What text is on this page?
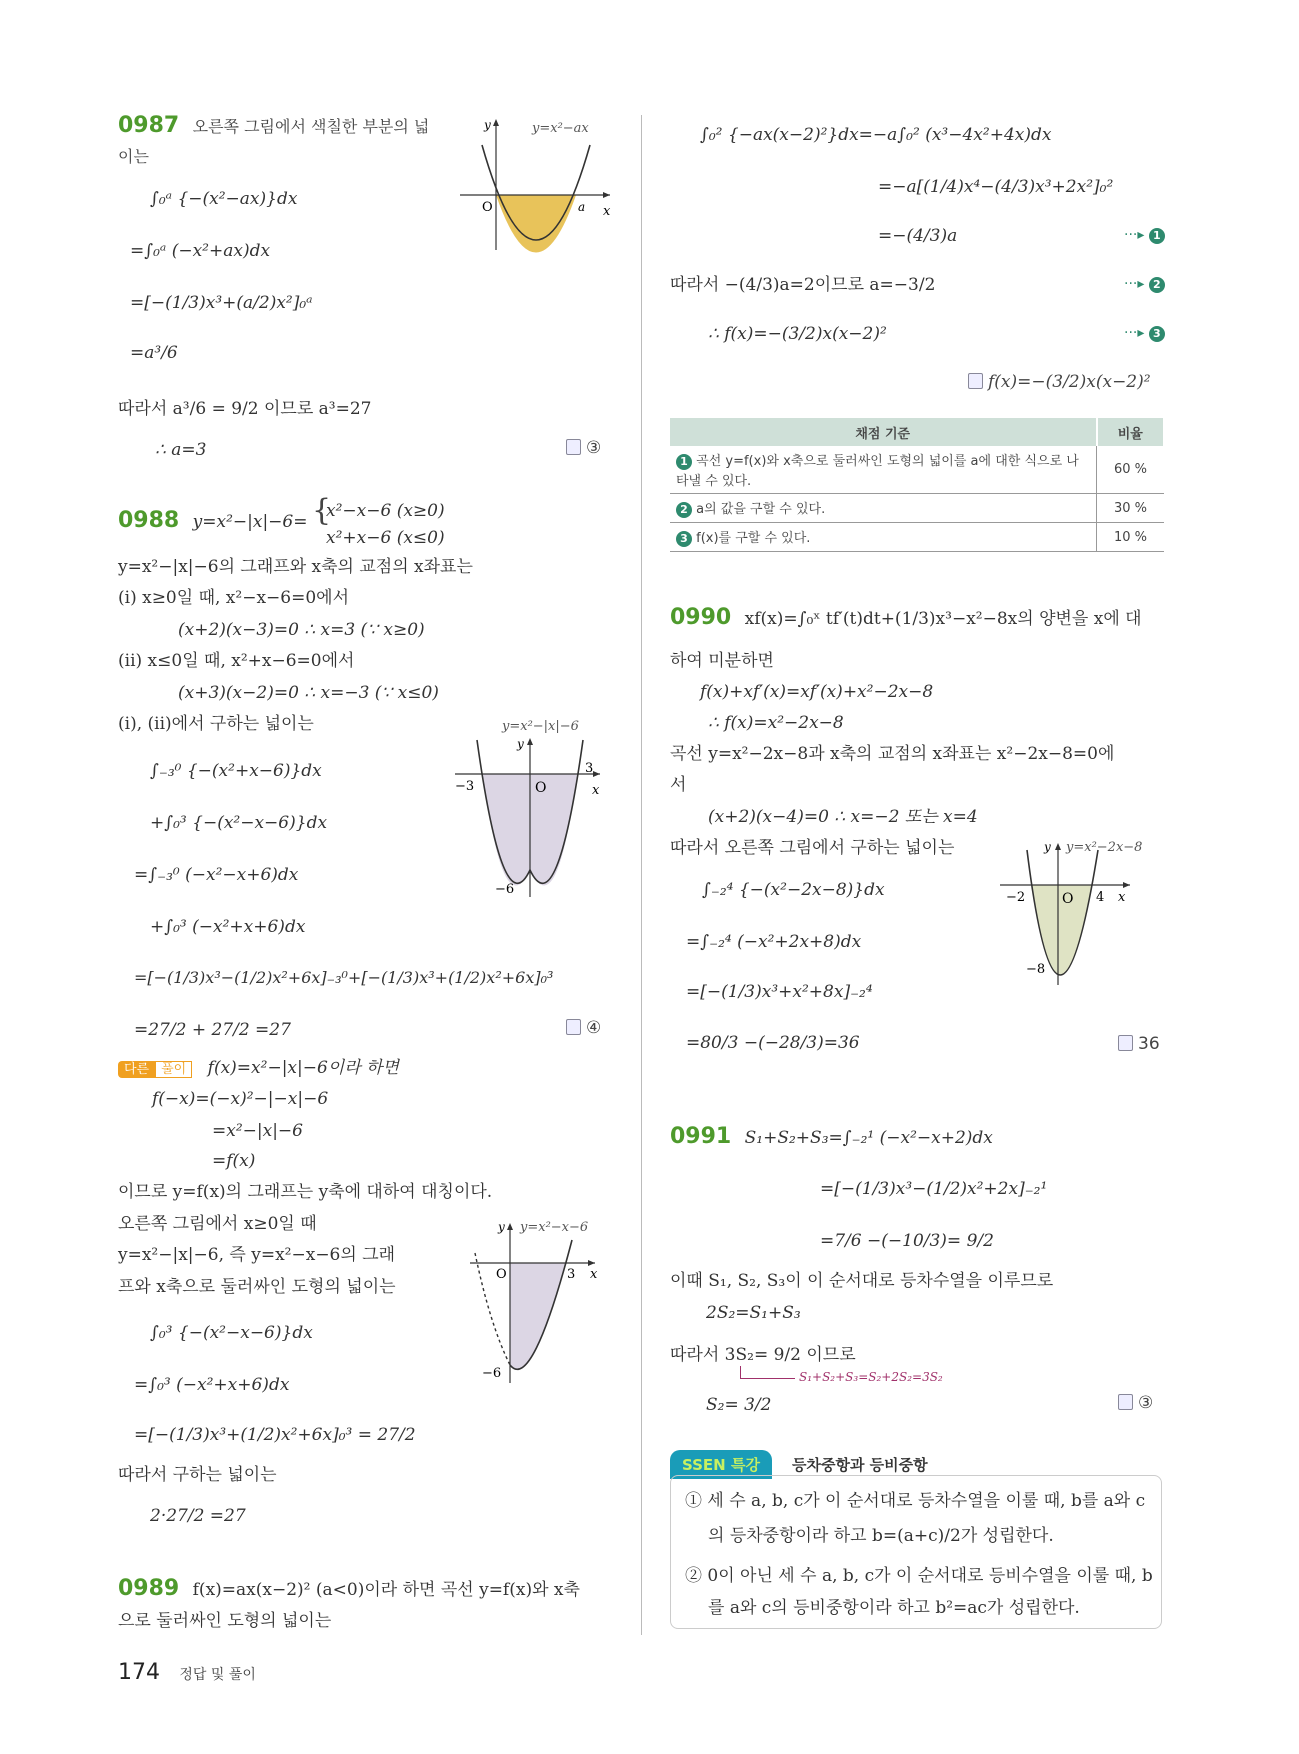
0987 오른쪽 그림에서 색칠한 부분의 넓
이는
∫₀ᵃ {−(x²−ax)}dx
=∫₀ᵃ (−x²+ax)dx
=[−(1/3)x³+(a/2)x²]₀ᵃ
=a³/6
따라서 a³/6 = 9/2 이므로 a³=27
∴ a=3	③
O	a x
y	y=x²−ax
0988 y=x²−|x|−6= {
x²−x−6 (x≥0)
x²+x−6 (x≤0)
y=x²−|x|−6의 그래프와 x축의 교점의 x좌표는
(i) x≥0일 때, x²−x−6=0에서
(x+2)(x−3)=0 ∴ x=3 (∵ x≥0)
(ii) x≤0일 때, x²+x−6=0에서
(x+3)(x−2)=0 ∴ x=−3 (∵ x≤0)
(i), (ii)에서 구하는 넓이는
∫₋₃⁰ {−(x²+x−6)}dx
+∫₀³ {−(x²−x−6)}dx
=∫₋₃⁰ (−x²−x+6)dx
+∫₀³ (−x²+x+6)dx
=[−(1/3)x³−(1/2)x²+6x]₋₃⁰+[−(1/3)x³+(1/2)x²+6x]₀³
=27/2 + 27/2 =27	④
−3	O
3
x
y
−6
y=x²−|x|−6
다른 풀이 f(x)=x²−|x|−6이라 하면
f(−x)=(−x)²−|−x|−6
=x²−|x|−6
=f(x)
이므로 y=f(x)의 그래프는 y축에 대하여 대칭이다.
오른쪽 그림에서 x≥0일 때
y=x²−|x|−6, 즉 y=x²−x−6의 그래
프와 x축으로 둘러싸인 도형의 넓이는
∫₀³ {−(x²−x−6)}dx
=∫₀³ (−x²+x+6)dx
=[−(1/3)x³+(1/2)x²+6x]₀³ = 27/2
따라서 구하는 넓이는
2·27/2 =27
O	3 x
y
−6
y=x²−x−6
0989 f(x)=ax(x−2)² (a<0)이라 하면 곡선 y=f(x)와 x축
으로 둘러싸인 도형의 넓이는
∫₀² {−ax(x−2)²}dx=−a∫₀² (x³−4x²+4x)dx
=−a[(1/4)x⁴−(4/3)x³+2x²]₀²
=−(4/3)a	···▸ 1
따라서 −(4/3)a=2이므로 a=−3/2	···▸ 2
∴ f(x)=−(3/2)x(x−2)²	···▸ 3
f(x)=−(3/2)x(x−2)²
채점 기준	비율
1 곡선 y=f(x)와 x축으로 둘러싸인 도형의 넓이를 a에 대한 식으로 나타낼 수 있다.	60 %
2 a의 값을 구할 수 있다.	30 %
3 f(x)를 구할 수 있다.	10 %
0990 xf(x)=∫₀ˣ tf′(t)dt+(1/3)x³−x²−8x의 양변을 x에 대
하여 미분하면
f(x)+xf′(x)=xf′(x)+x²−2x−8
∴ f(x)=x²−2x−8
곡선 y=x²−2x−8과 x축의 교점의 x좌표는 x²−2x−8=0에
서
(x+2)(x−4)=0 ∴ x=−2 또는 x=4
따라서 오른쪽 그림에서 구하는 넓이는
∫₋₂⁴ {−(x²−2x−8)}dx
=∫₋₂⁴ (−x²+2x+8)dx
=[−(1/3)x³+x²+8x]₋₂⁴
=80/3 −(−28/3)=36	36
−2	O 4 x
y
−8
y=x²−2x−8
0991 S₁+S₂+S₃=∫₋₂¹ (−x²−x+2)dx
=[−(1/3)x³−(1/2)x²+2x]₋₂¹
=7/6 −(−10/3)= 9/2
이때 S₁, S₂, S₃이 이 순서대로 등차수열을 이루므로
2S₂=S₁+S₃
따라서 3S₂= 9/2 이므로
S₁+S₂+S₃=S₂+2S₂=3S₂
S₂= 3/2	③
SSEN 특강	등차중항과 등비중항
① 세 수 a, b, c가 이 순서대로 등차수열을 이룰 때, b를 a와 c
의 등차중항이라 하고 b=(a+c)/2가 성립한다.
② 0이 아닌 세 수 a, b, c가 이 순서대로 등비수열을 이룰 때, b
를 a와 c의 등비중항이라 하고 b²=ac가 성립한다.
174 정답 및 풀이
